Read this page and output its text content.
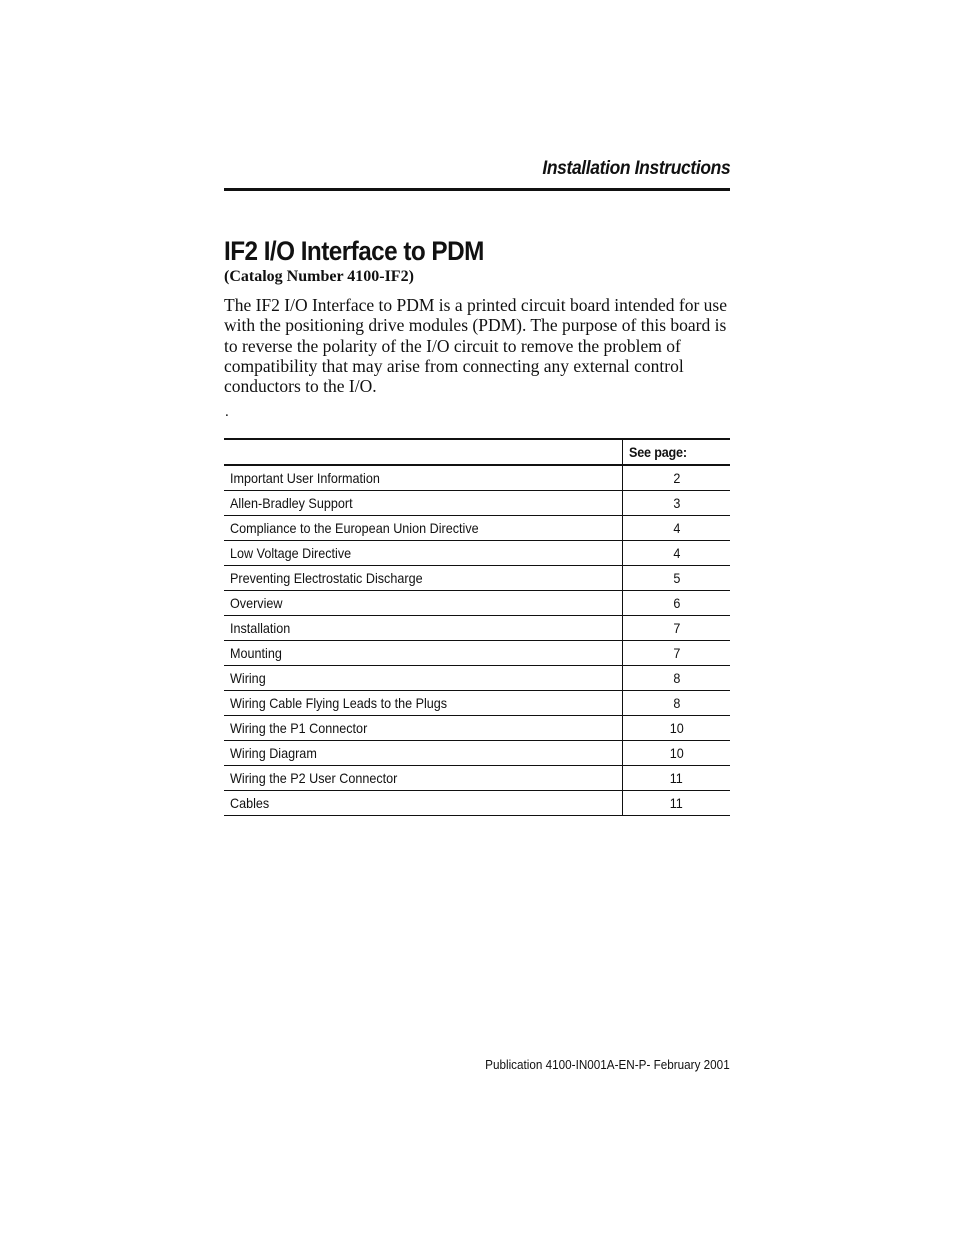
Installation Instructions
IF2 I/O Interface to PDM
(Catalog Number 4100-IF2)

The IF2 I/O Interface to PDM is a printed circuit board intended for use with the positioning drive modules (PDM). The purpose of this board is to reverse the polarity of the I/O circuit to remove the problem of compatibility that may arise from connecting any external control conductors to the I/O.

.
	See page:
Important User Information	2
Allen-Bradley Support	3
Compliance to the European Union Directive	4
Low Voltage Directive	4
Preventing Electrostatic Discharge	5
Overview	6
Installation	7
Mounting	7
Wiring	8
Wiring Cable Flying Leads to the Plugs	8
Wiring the P1 Connector	10
Wiring Diagram	10
Wiring the P2 User Connector	11
Cables	11
Publication 4100-IN001A-EN-P- February 2001
